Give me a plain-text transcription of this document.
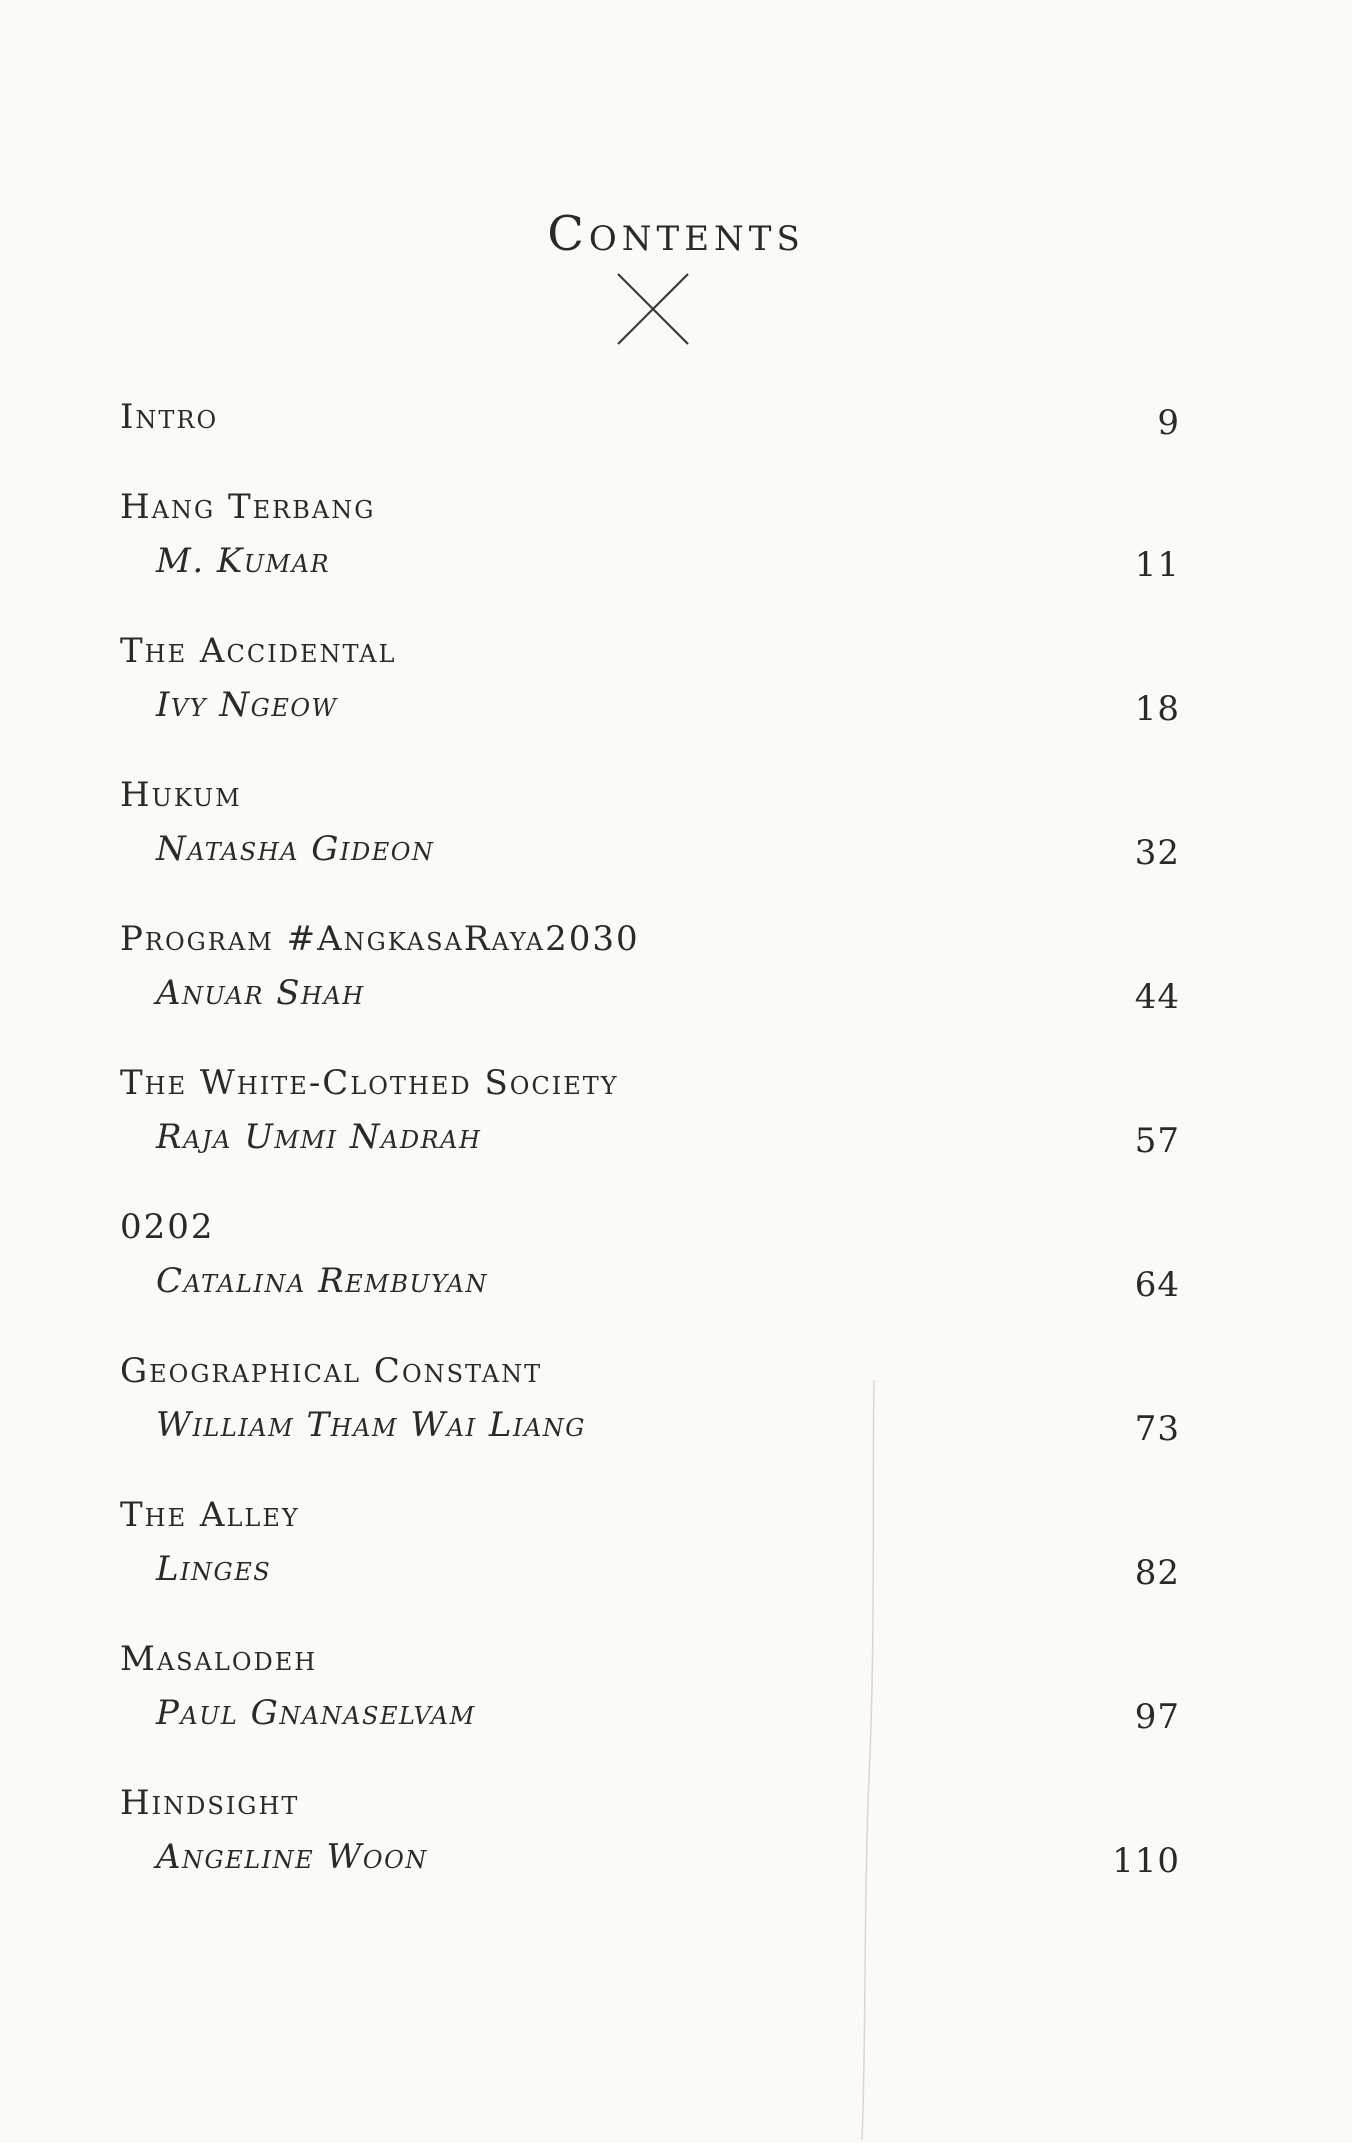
Contents
Intro	9
Hang Terbang
M. Kumar	11
The Accidental
Ivy Ngeow	18
Hukum
Natasha Gideon	32
Program #AngkasaRaya2030
Anuar Shah	44
The White-Clothed Society
Raja Ummi Nadrah	57
0202
Catalina Rembuyan	64
Geographical Constant
William Tham Wai Liang	73
The Alley
Linges	82
Masalodeh
Paul Gnanaselvam	97
Hindsight
Angeline Woon	110
